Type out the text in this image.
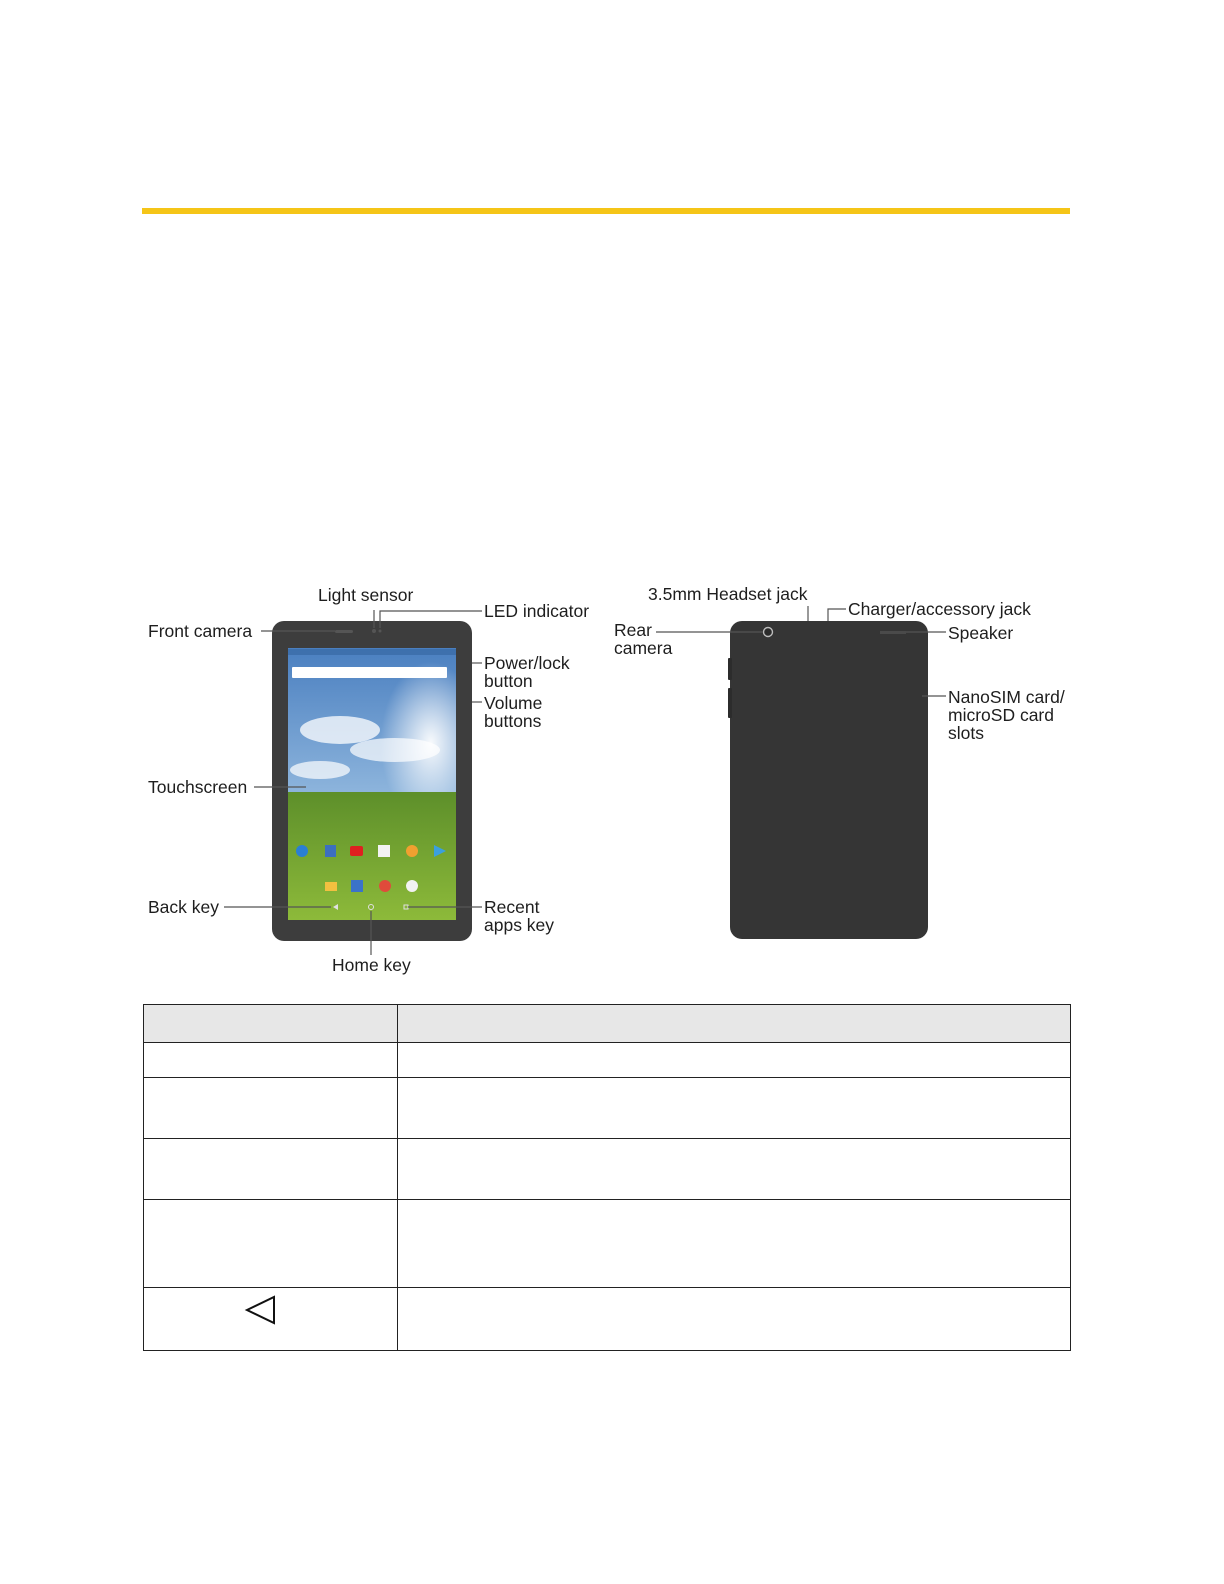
Light sensor
LED indicator
Front camera
Power/lock
button
Volume
buttons
Touchscreen
Back key	Recent
apps key
Home key
3.5mm Headset jack
Charger/accessory jack
Rear
camera
Speaker
NanoSIM card/
microSD card
slots
